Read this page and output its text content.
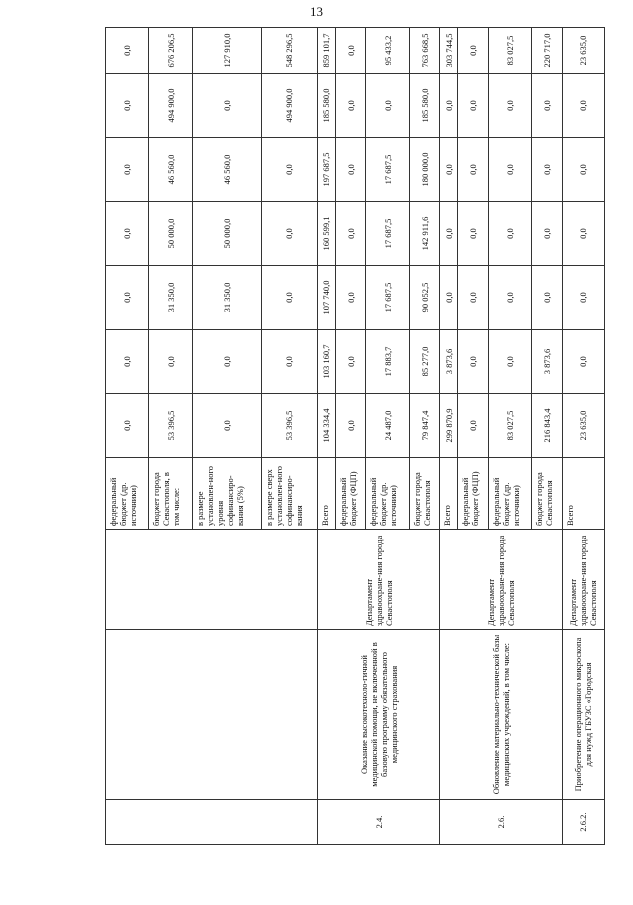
13
			федеральный бюджет (др. источники)	0,0	0,0	0,0	0,0	0,0	0,0	0,0
			бюджет города Севастополя, в том числе:	53 396,5	0,0	31 350,0	50 000,0	46 560,0	494 900,0	676 206,5
			в размере установлен-ного уровня софинансиро-вания (5%)	0,0	0,0	31 350,0	50 000,0	46 560,0	0,0	127 910,0
			в размере сверх установлен-ного софинансиро-вания	53 396,5	0,0	0,0	0,0	0,0	494 900,0	548 296,5
2.4.	Оказание высокотехноло-гичной медицинской помощи, не включенной в базовую программу обязательного медицинского страхования	Департамент здравоохране-ния города Севастополя	Всего	104 334,4	103 160,7	107 740,0	160 599,1	197 687,5	185 580,0	859 101,7
			федеральный бюджет (ФЦП)	0,0	0,0	0,0	0,0	0,0	0,0	0,0
			федеральный бюджет (др. источники)	24 487,0	17 883,7	17 687,5	17 687,5	17 687,5	0,0	95 433,2
			бюджет города Севастополя	79 847,4	85 277,0	90 052,5	142 911,6	180 000,0	185 580,0	763 668,5
2.6.	Обновление материально-технической базы медицинских учреждений, в том числе:	Департамент здравоохране-ния города Севастополя	Всего	299 870,9	3 873,6	0,0	0,0	0,0	0,0	303 744,5
			федеральный бюджет (ФЦП)	0,0	0,0	0,0	0,0	0,0	0,0	0,0
			федеральный бюджет (др. источники)	83 027,5	0,0	0,0	0,0	0,0	0,0	83 027,5
			бюджет города Севастополя	216 843,4	3 873,6	0,0	0,0	0,0	0,0	220 717,0
2.6.2.	Приобретение операционного микроскопа для нужд ГБУЗС «Городская	Департамент здравоохране-ния города Севастополя	Всего	23 635,0	0,0	0,0	0,0	0,0	0,0	23 635,0
